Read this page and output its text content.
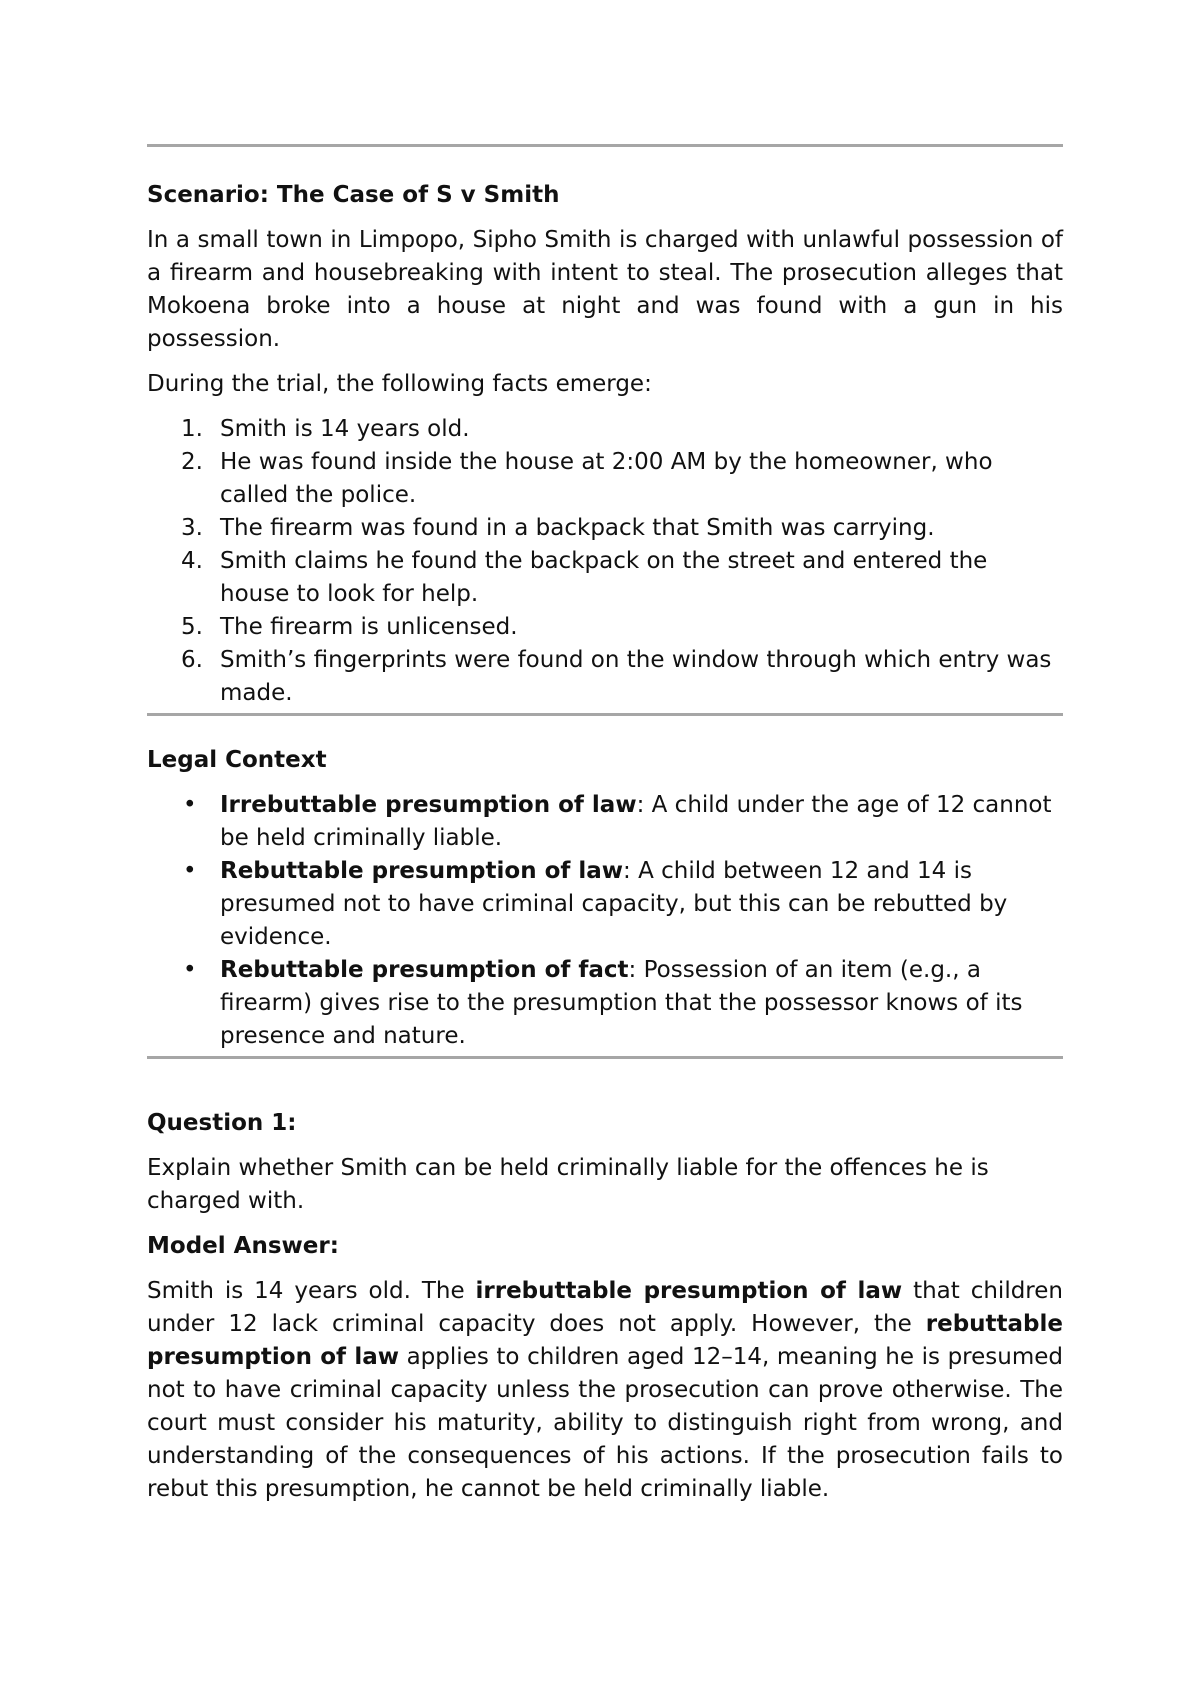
Scenario: The Case of S v Smith

In a small town in Limpopo, Sipho Smith is charged with unlawful possession of a firearm and housebreaking with intent to steal. The prosecution alleges that Mokoena broke into a house at night and was found with a gun in his possession.

During the trial, the following facts emerge:

1. Smith is 14 years old.
2. He was found inside the house at 2:00 AM by the homeowner, who called the police.
3. The firearm was found in a backpack that Smith was carrying.
4. Smith claims he found the backpack on the street and entered the house to look for help.
5. The firearm is unlicensed.
6. Smith’s fingerprints were found on the window through which entry was made.
Legal Context
• Irrebuttable presumption of law: A child under the age of 12 cannot be held criminally liable.
• Rebuttable presumption of law: A child between 12 and 14 is presumed not to have criminal capacity, but this can be rebutted by evidence.
• Rebuttable presumption of fact: Possession of an item (e.g., a firearm) gives rise to the presumption that the possessor knows of its presence and nature.
Question 1:

Explain whether Smith can be held criminally liable for the offences he is charged with.

Model Answer:

Smith is 14 years old. The irrebuttable presumption of law that children under 12 lack criminal capacity does not apply. However, the rebuttable presumption of law applies to children aged 12–14, meaning he is presumed not to have criminal capacity unless the prosecution can prove otherwise. The court must consider his maturity, ability to distinguish right from wrong, and understanding of the consequences of his actions. If the prosecution fails to rebut this presumption, he cannot be held criminally liable.
